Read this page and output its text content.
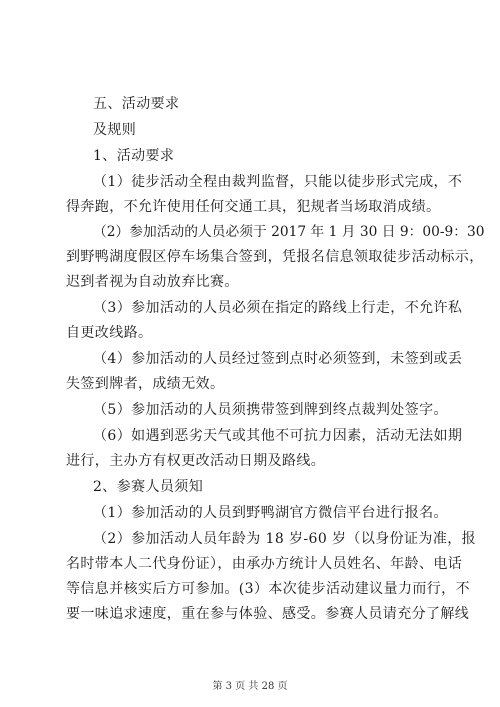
五、活动要求
及规则
1、活动要求
（1）徒步活动全程由裁判监督，只能以徒步形式完成，不
得奔跑，不允许使用任何交通工具，犯规者当场取消成绩。
（2）参加活动的人员必须于 2017 年 1 月 30 日 9：00-9：30
到野鸭湖度假区停车场集合签到，凭报名信息领取徒步活动标示，
迟到者视为自动放弃比赛。
（3）参加活动的人员必须在指定的路线上行走，不允许私
自更改线路。
（4）参加活动的人员经过签到点时必须签到，未签到或丢
失签到牌者，成绩无效。
（5）参加活动的人员须携带签到牌到终点裁判处签字。
（6）如遇到恶劣天气或其他不可抗力因素，活动无法如期
进行，主办方有权更改活动日期及路线。
2、参赛人员须知
（1）参加活动的人员到野鸭湖官方微信平台进行报名。
（2）参加活动人员年龄为 18 岁-60 岁（以身份证为准，报
名时带本人二代身份证），由承办方统计人员姓名、年龄、电话
等信息并核实后方可参加。(3）本次徒步活动建议量力而行，不
要一味追求速度，重在参与体验、感受。参赛人员请充分了解线
第 3 页 共 28 页
